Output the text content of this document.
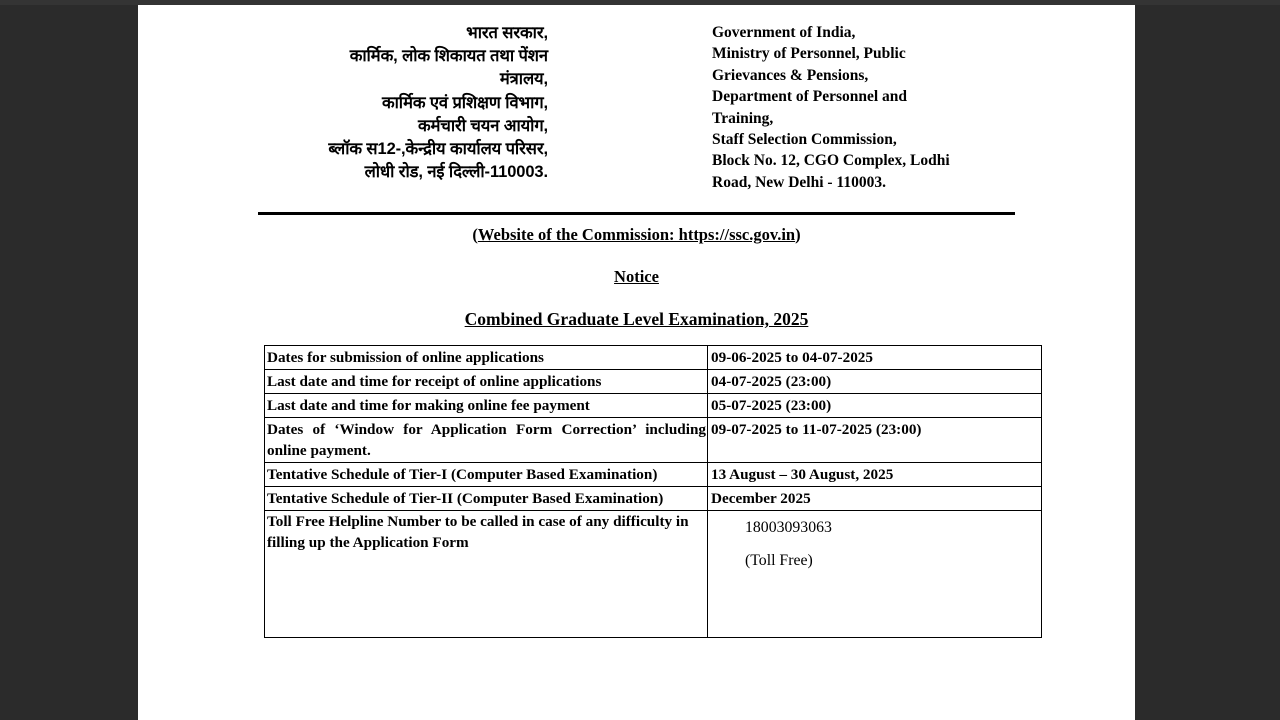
भारत सरकार,
कार्मिक, लोक शिकायत तथा पेंशन
मंत्रालय,
कार्मिक एवं प्रशिक्षण विभाग,
कर्मचारी चयन आयोग,
ब्लॉक स12-,केन्द्रीय कार्यालय परिसर,
लोधी रोड, नई दिल्ली-110003.
Government of India,
Ministry of Personnel, Public
Grievances & Pensions,
Department of Personnel and
Training,
Staff Selection Commission,
Block No. 12, CGO Complex, Lodhi
Road, New Delhi - 110003.
(Website of the Commission: https://ssc.gov.in)
Notice
Combined Graduate Level Examination, 2025
Dates for submission of online applications	09-06-2025 to 04-07-2025

Last date and time for receipt of online applications	04-07-2025 (23:00)

Last date and time for making online fee payment	05-07-2025 (23:00)

Dates of ‘Window for Application Form Correction’ including online payment.	09-07-2025 to 11-07-2025 (23:00)

Tentative Schedule of Tier-I (Computer Based Examination)	13 August – 30 August, 2025

Tentative Schedule of Tier-II (Computer Based Examination)	December 2025

Toll Free Helpline Number to be called in case of any difficulty in filling up the Application Form	18003093063
(Toll Free)
